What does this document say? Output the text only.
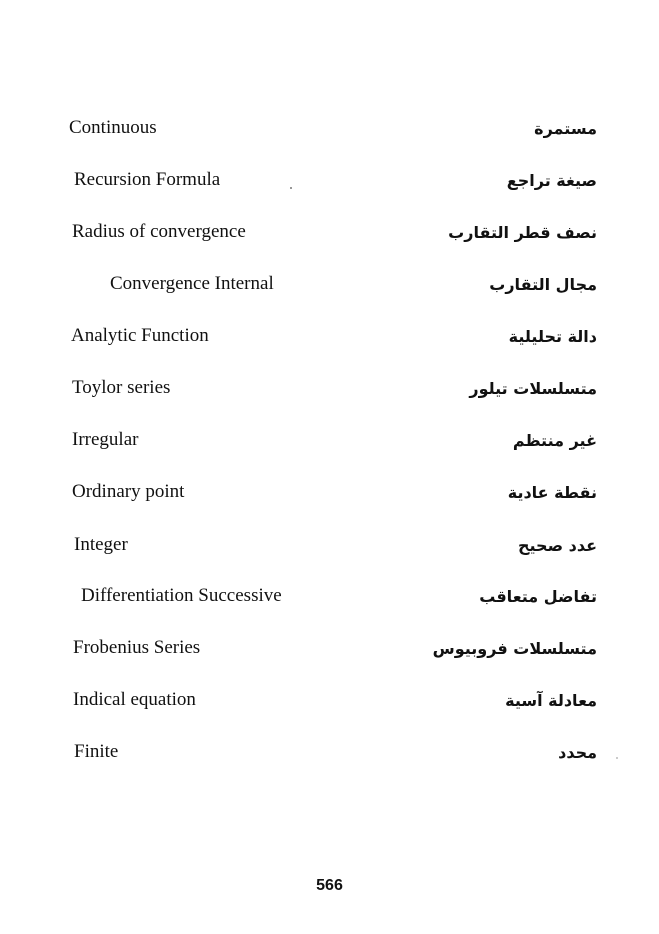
Continuous	مستمرة
Recursion Formula	صيغة تراجع
Radius of convergence	نصف قطر التقارب
Convergence Internal	مجال التقارب
Analytic Function	دالة تحليلية
Toylor series	متسلسلات تيلور
Irregular	غير منتظم
Ordinary point	نقطة عادية
Integer	عدد صحيح
Differentiation Successive	تفاضل متعاقب
Frobenius Series	متسلسلات فروبيوس
Indical equation	معادلة آسية
Finite	محدد
566
